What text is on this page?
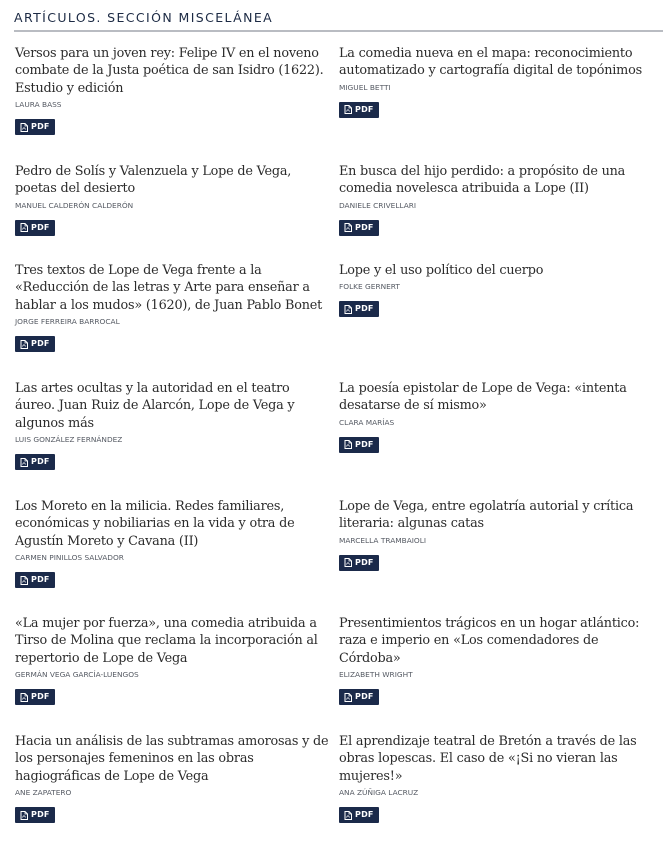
ARTÍCULOS. SECCIÓN MISCELÁNEA

Versos para un joven rey: Felipe IV en el noveno combate de la Justa poética de san Isidro (1622). Estudio y edición

LAURA BASS
PDF

La comedia nueva en el mapa: reconocimiento automatizado y cartografía digital de topónimos

MIGUEL BETTI
PDF

Pedro de Solís y Valenzuela y Lope de Vega, poetas del desierto

MANUEL CALDERÓN CALDERÓN
PDF

En busca del hijo perdido: a propósito de una comedia novelesca atribuida a Lope (II)

DANIELE CRIVELLARI
PDF

Tres textos de Lope de Vega frente a la «Reducción de las letras y Arte para enseñar a hablar a los mudos» (1620), de Juan Pablo Bonet

JORGE FERREIRA BARROCAL
PDF

Lope y el uso político del cuerpo

FOLKE GERNERT
PDF

Las artes ocultas y la autoridad en el teatro áureo. Juan Ruiz de Alarcón, Lope de Vega y algunos más

LUIS GONZÁLEZ FERNÁNDEZ
PDF

La poesía epistolar de Lope de Vega: «intenta desatarse de sí mismo»

CLARA MARÍAS
PDF

Los Moreto en la milicia. Redes familiares, económicas y nobiliarias en la vida y otra de Agustín Moreto y Cavana (II)

CARMEN PINILLOS SALVADOR
PDF

Lope de Vega, entre egolatría autorial y crítica literaria: algunas catas

MARCELLA TRAMBAIOLI
PDF

«La mujer por fuerza», una comedia atribuida a Tirso de Molina que reclama la incorporación al repertorio de Lope de Vega

GERMÁN VEGA GARCÍA-LUENGOS
PDF

Presentimientos trágicos en un hogar atlántico: raza e imperio en «Los comendadores de Córdoba»

ELIZABETH WRIGHT
PDF

Hacia un análisis de las subtramas amorosas y de los personajes femeninos en las obras hagiográficas de Lope de Vega

ANE ZAPATERO
PDF

El aprendizaje teatral de Bretón a través de las obras lopescas. El caso de «¡Si no vieran las mujeres!»

ANA ZÚÑIGA LACRUZ
PDF
